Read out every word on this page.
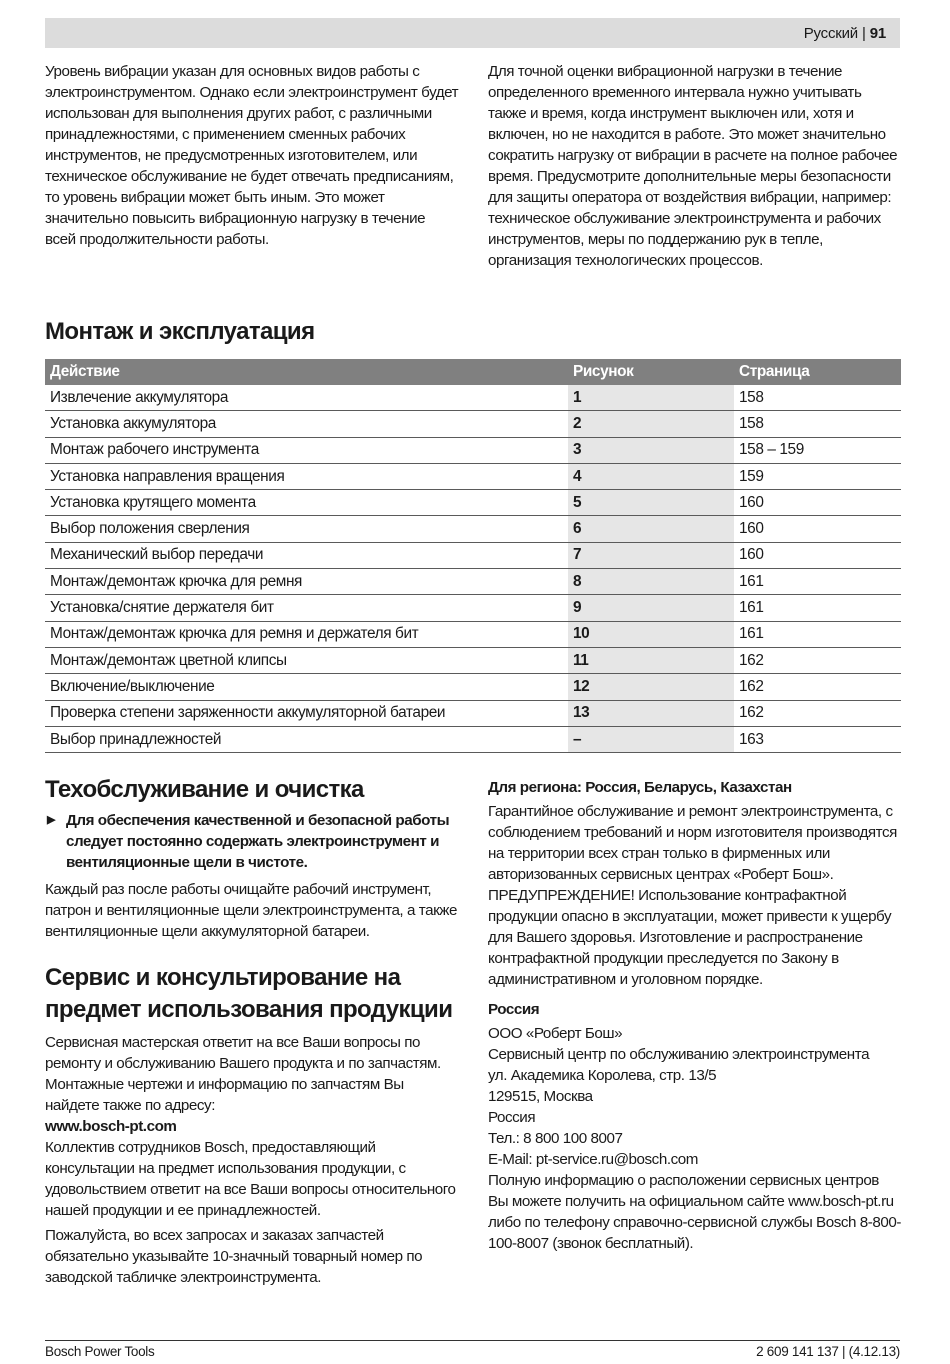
Русский | 91

Уровень вибрации указан для основных видов работы с электроинструментом. Однако если электроинструмент будет использован для выполнения других работ, с различными принадлежностями, с применением сменных рабочих инструментов, не предусмотренных изготовителем, или техническое обслуживание не будет отвечать предписаниям, то уровень вибрации может быть иным. Это может значительно повысить вибрационную нагрузку в течение всей продолжительности работы.

Для точной оценки вибрационной нагрузки в течение определенного временного интервала нужно учитывать также и время, когда инструмент выключен или, хотя и включен, но не находится в работе. Это может значительно сократить нагрузку от вибрации в расчете на полное рабочее время. Предусмотрите дополнительные меры безопасности для защиты оператора от воздействия вибрации, например: техническое обслуживание электроинструмента и рабочих инструментов, меры по поддержанию рук в тепле, организация технологических процессов.

Монтаж и эксплуатация
Действие	Рисунок	Страница
Извлечение аккумулятора	1	158
Установка аккумулятора	2	158
Монтаж рабочего инструмента	3	158 – 159
Установка направления вращения	4	159
Установка крутящего момента	5	160
Выбор положения сверления	6	160
Механический выбор передачи	7	160
Монтаж/демонтаж крючка для ремня	8	161
Установка/снятие держателя бит	9	161
Монтаж/демонтаж крючка для ремня и держателя бит	10	161
Монтаж/демонтаж цветной клипсы	11	162
Включение/выключение	12	162
Проверка степени заряженности аккумуляторной батареи	13	162
Выбор принадлежностей	–	163
Техобслуживание и очистка
▶ Для обеспечения качественной и безопасной работы следует постоянно содержать электроинструмент и вентиляционные щели в чистоте.

Каждый раз после работы очищайте рабочий инструмент, патрон и вентиляционные щели электроинструмента, а также вентиляционные щели аккумуляторной батареи.

Сервис и консультирование на предмет использования продукции

Сервисная мастерская ответит на все Ваши вопросы по ремонту и обслуживанию Вашего продукта и по запчастям. Монтажные чертежи и информацию по запчастям Вы найдете также по адресу:

www.bosch-pt.com

Коллектив сотрудников Bosch, предоставляющий консультации на предмет использования продукции, с удовольствием ответит на все Ваши вопросы относительного нашей продукции и ее принадлежностей.

Пожалуйста, во всех запросах и заказах запчастей обязательно указывайте 10-значный товарный номер по заводской табличке электроинструмента.

Для региона: Россия, Беларусь, Казахстан

Гарантийное обслуживание и ремонт электроинструмента, с соблюдением требований и норм изготовителя производятся на территории всех стран только в фирменных или авторизованных сервисных центрах «Роберт Бош».

ПРЕДУПРЕЖДЕНИЕ! Использование контрафактной продукции опасно в эксплуатации, может привести к ущербу для Вашего здоровья. Изготовление и распространение контрафактной продукции преследуется по Закону в административном и уголовном порядке.

Россия

ООО «Роберт Бош»

Сервисный центр по обслуживанию электроинструмента

ул. Академика Королева, стр. 13/5

129515, Москва

Россия

Тел.: 8 800 100 8007

E-Mail: pt-service.ru@bosch.com

Полную информацию о расположении сервисных центров Вы можете получить на официальном сайте www.bosch-pt.ru либо по телефону справочно-сервисной службы Bosch 8-800-100-8007 (звонок бесплатный).

Bosch Power Tools	2 609 141 137 | (4.12.13)
